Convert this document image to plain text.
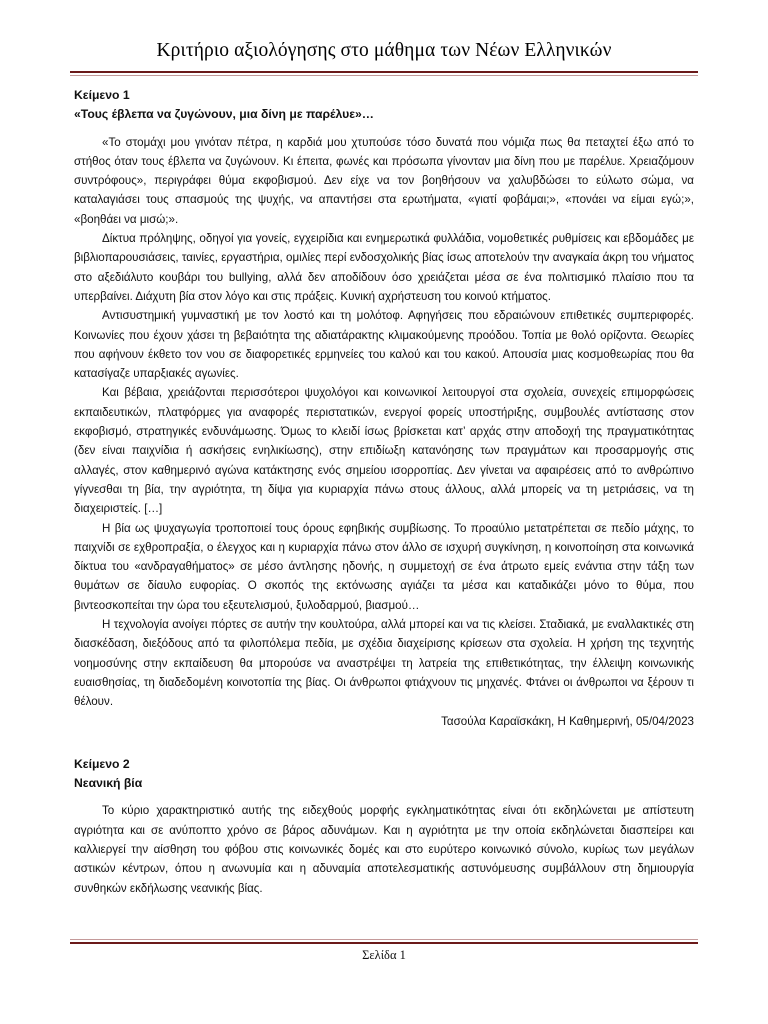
Κριτήριο αξιολόγησης στο μάθημα των Νέων Ελληνικών

Κείμενο 1

«Τους έβλεπα να ζυγώνουν, μια δίνη με παρέλυε»…

«Το στομάχι μου γινόταν πέτρα, η καρδιά μου χτυπούσε τόσο δυνατά που νόμιζα πως θα πεταχτεί έξω από το στήθος όταν τους έβλεπα να ζυγώνουν. Κι έπειτα, φωνές και πρόσωπα γίνονταν μια δίνη που με παρέλυε. Χρειαζόμουν συντρόφους», περιγράφει θύμα εκφοβισμού. Δεν είχε να τον βοηθήσουν να χαλυβδώσει το εύλωτο σώμα, να καταλαγιάσει τους σπασμούς της ψυχής, να απαντήσει στα ερωτήματα, «γιατί φοβάμαι;», «πονάει να είμαι εγώ;», «βοηθάει να μισώ;».

Δίκτυα πρόληψης, οδηγοί για γονείς, εγχειρίδια και ενημερωτικά φυλλάδια, νομοθετικές ρυθμίσεις και εβδομάδες με βιβλιοπαρουσιάσεις, ταινίες, εργαστήρια, ομιλίες περί ενδοσχολικής βίας ίσως αποτελούν την αναγκαία άκρη του νήματος στο αξεδιάλυτο κουβάρι του bullying, αλλά δεν αποδίδουν όσο χρειάζεται μέσα σε ένα πολιτισμικό πλαίσιο που τα υπερβαίνει. Διάχυτη βία στον λόγο και στις πράξεις. Κυνική αχρήστευση του κοινού κτήματος.

Αντισυστημική γυμναστική με τον λοστό και τη μολότοφ. Αφηγήσεις που εδραιώνουν επιθετικές συμπεριφορές. Κοινωνίες που έχουν χάσει τη βεβαιότητα της αδιατάρακτης κλιμακούμενης προόδου. Τοπία με θολό ορίζοντα. Θεωρίες που αφήνουν έκθετο τον νου σε διαφορετικές ερμηνείες του καλού και του κακού. Απουσία μιας κοσμοθεωρίας που θα κατασίγαζε υπαρξιακές αγωνίες.

Και βέβαια, χρειάζονται περισσότεροι ψυχολόγοι και κοινωνικοί λειτουργοί στα σχολεία, συνεχείς επιμορφώσεις εκπαιδευτικών, πλατφόρμες για αναφορές περιστατικών, ενεργοί φορείς υποστήριξης, συμβουλές αντίστασης στον εκφοβισμό, στρατηγικές ενδυνάμωσης. Όμως το κλειδί ίσως βρίσκεται κατ’ αρχάς στην αποδοχή της πραγματικότητας (δεν είναι παιχνίδια ή ασκήσεις ενηλικίωσης), στην επιδίωξη κατανόησης των πραγμάτων και προσαρμογής στις αλλαγές, στον καθημερινό αγώνα κατάκτησης ενός σημείου ισορροπίας. Δεν γίνεται να αφαιρέσεις από το ανθρώπινο γίγνεσθαι τη βία, την αγριότητα, τη δίψα για κυριαρχία πάνω στους άλλους, αλλά μπορείς να τη μετριάσεις, να τη διαχειριστείς. […]

Η βία ως ψυχαγωγία τροποποιεί τους όρους εφηβικής συμβίωσης. Το προαύλιο μετατρέπεται σε πεδίο μάχης, το παιχνίδι σε εχθροπραξία, ο έλεγχος και η κυριαρχία πάνω στον άλλο σε ισχυρή συγκίνηση, η κοινοποίηση στα κοινωνικά δίκτυα του «ανδραγαθήματος» σε μέσο άντλησης ηδονής, η συμμετοχή σε ένα άτρωτο εμείς ενάντια στην τάξη των θυμάτων σε δίαυλο ευφορίας. Ο σκοπός της εκτόνωσης αγιάζει τα μέσα και καταδικάζει μόνο το θύμα, που βιντεοσκοπείται την ώρα του εξευτελισμού, ξυλοδαρμού, βιασμού…

Η τεχνολογία ανοίγει πόρτες σε αυτήν την κουλτούρα, αλλά μπορεί και να τις κλείσει. Σταδιακά, με εναλλακτικές στη διασκέδαση, διεξόδους από τα φιλοπόλεμα πεδία, με σχέδια διαχείρισης κρίσεων στα σχολεία. Η χρήση της τεχνητής νοημοσύνης στην εκπαίδευση θα μπορούσε να αναστρέψει τη λατρεία της επιθετικότητας, την έλλειψη κοινωνικής ευαισθησίας, τη διαδεδομένη κοινοτοπία της βίας. Οι άνθρωποι φτιάχνουν τις μηχανές. Φτάνει οι άνθρωποι να ξέρουν τι θέλουν.

Τασούλα Καραϊσκάκη, Η Καθημερινή, 05/04/2023

Κείμενο 2

Νεανική βία

Το κύριο χαρακτηριστικό αυτής της ειδεχθούς μορφής εγκληματικότητας είναι ότι εκδηλώνεται με απίστευτη αγριότητα και σε ανύποπτο χρόνο σε βάρος αδυνάμων. Και η αγριότητα με την οποία εκδηλώνεται διασπείρει και καλλιεργεί την αίσθηση του φόβου στις κοινωνικές δομές και στο ευρύτερο κοινωνικό σύνολο, κυρίως των μεγάλων αστικών κέντρων, όπου η ανωνυμία και η αδυναμία αποτελεσματικής αστυνόμευσης συμβάλλουν στη δημιουργία συνθηκών εκδήλωσης νεανικής βίας.

Σελίδα 1
